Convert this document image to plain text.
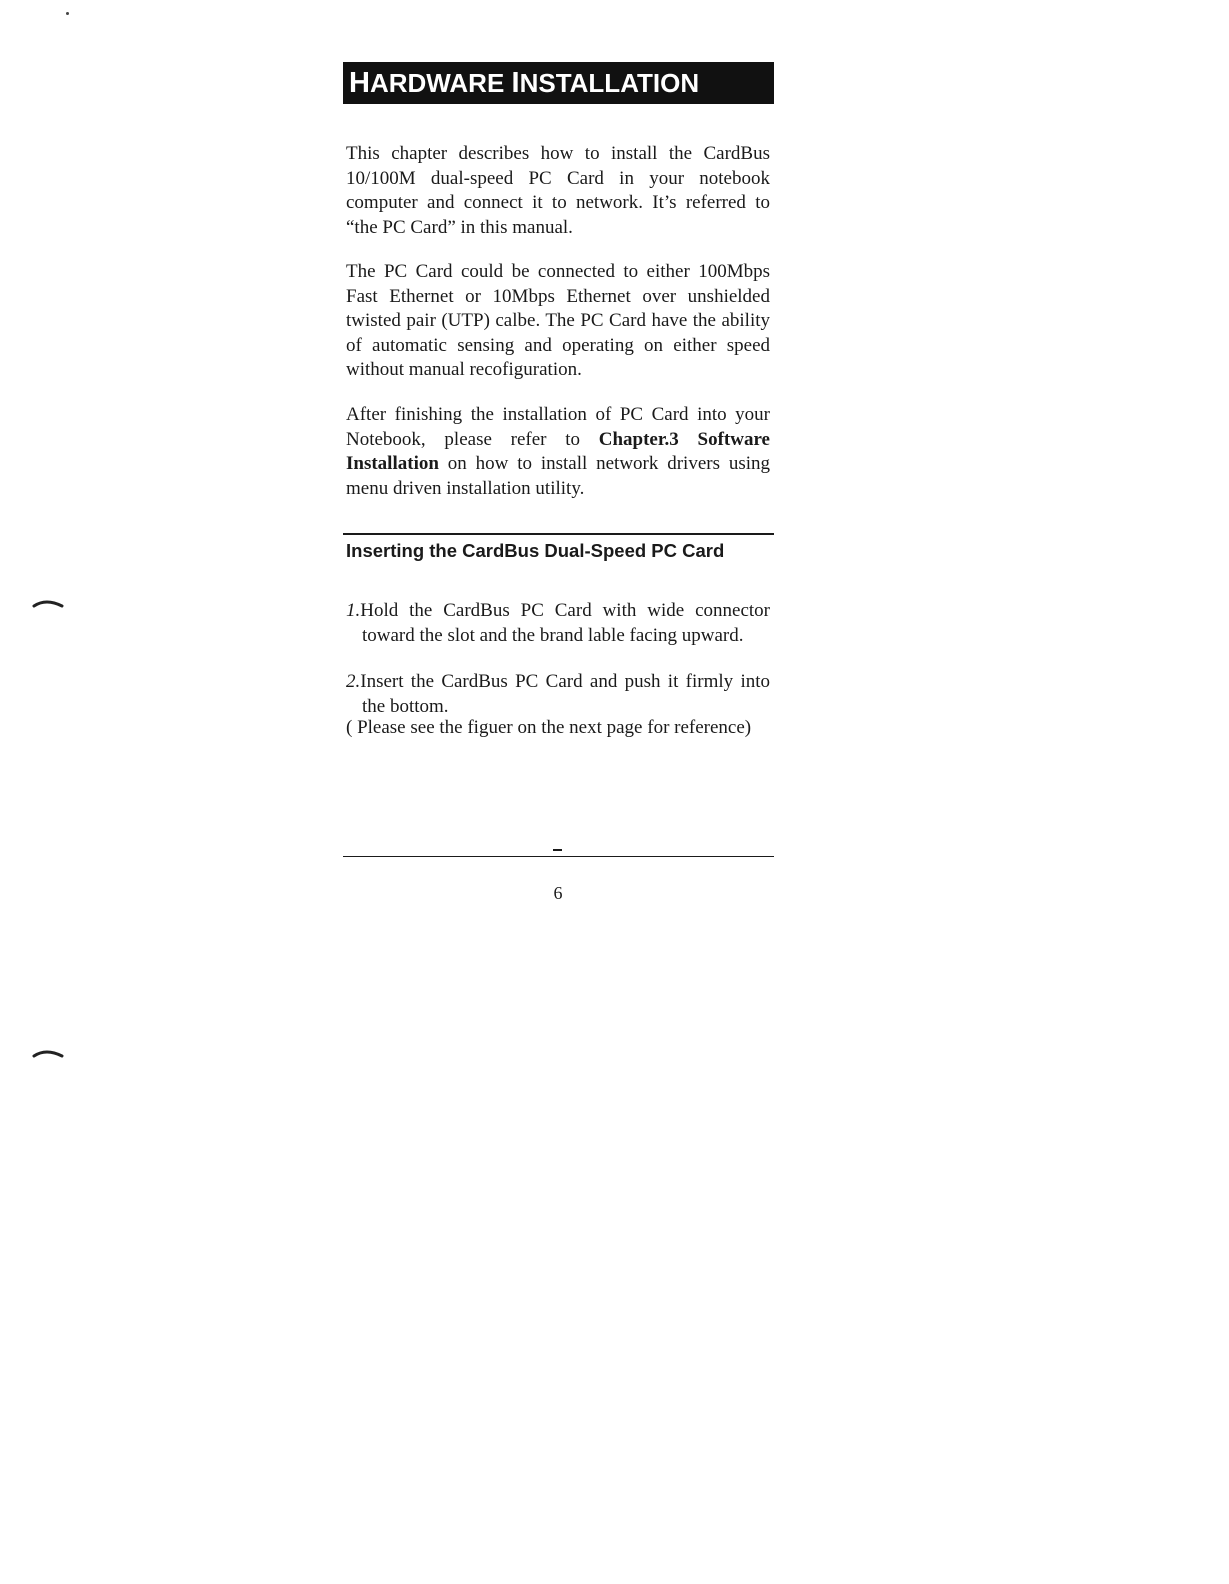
HARDWARE INSTALLATION

This chapter describes how to install the CardBus 10/100M dual-speed PC Card in your notebook computer and connect it to network. It’s referred to “the PC Card” in this manual.

The PC Card could be connected to either 100Mbps Fast Ethernet or 10Mbps Ethernet over unshielded twisted pair (UTP) calbe. The PC Card have the ability of automatic sensing and operating on either speed without manual recofiguration.

After finishing the installation of PC Card into your Notebook, please refer to Chapter.3 Software Installation on how to install network drivers using menu driven installation utility.

Inserting the CardBus Dual-Speed PC Card

1.Hold the CardBus PC Card with wide connector
toward the slot and the brand lable facing upward.

2.Insert the CardBus PC Card and push it firmly into
the bottom.

( Please see the figuer on the next page for reference)

6
